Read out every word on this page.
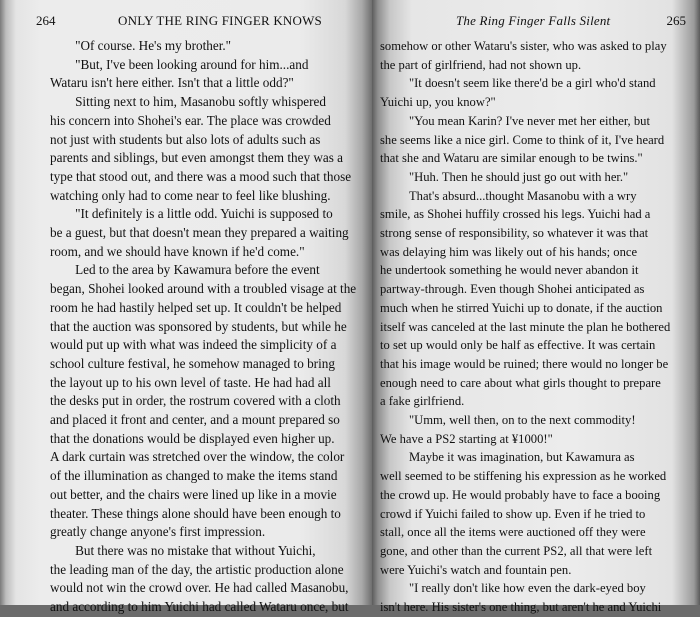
264	ONLY THE RING FINGER KNOWS

"Of course. He's my brother."

"But, I've been looking around for him...and

Wataru isn't here either. Isn't that a little odd?"

Sitting next to him, Masanobu softly whispered

his concern into Shohei's ear. The place was crowded

not just with students but also lots of adults such as

parents and siblings, but even amongst them they was a

type that stood out, and there was a mood such that those

watching only had to come near to feel like blushing.

"It definitely is a little odd. Yuichi is supposed to

be a guest, but that doesn't mean they prepared a waiting

room, and we should have known if he'd come."

Led to the area by Kawamura before the event

began, Shohei looked around with a troubled visage at the

room he had hastily helped set up. It couldn't be helped

that the auction was sponsored by students, but while he

would put up with what was indeed the simplicity of a

school culture festival, he somehow managed to bring

the layout up to his own level of taste. He had had all

the desks put in order, the rostrum covered with a cloth

and placed it front and center, and a mount prepared so

that the donations would be displayed even higher up.

A dark curtain was stretched over the window, the color

of the illumination as changed to make the items stand

out better, and the chairs were lined up like in a movie

theater. These things alone should have been enough to

greatly change anyone's first impression.

But there was no mistake that without Yuichi,

the leading man of the day, the artistic production alone

would not win the crowd over. He had called Masanobu,

and according to him Yuichi had called Wataru once, but

The Ring Finger Falls Silent	265

somehow or other Wataru's sister, who was asked to play

the part of girlfriend, had not shown up.

"It doesn't seem like there'd be a girl who'd stand

Yuichi up, you know?"

"You mean Karin? I've never met her either, but

she seems like a nice girl. Come to think of it, I've heard

that she and Wataru are similar enough to be twins."

"Huh. Then he should just go out with her."

That's absurd...thought Masanobu with a wry

smile, as Shohei huffily crossed his legs. Yuichi had a

strong sense of responsibility, so whatever it was that

was delaying him was likely out of his hands; once

he undertook something he would never abandon it

partway-through. Even though Shohei anticipated as

much when he stirred Yuichi up to donate, if the auction

itself was canceled at the last minute the plan he bothered

to set up would only be half as effective. It was certain

that his image would be ruined; there would no longer be

enough need to care about what girls thought to prepare

a fake girlfriend.

"Umm, well then, on to the next commodity!

We have a PS2 starting at ¥1000!"

Maybe it was imagination, but Kawamura as

well seemed to be stiffening his expression as he worked

the crowd up. He would probably have to face a booing

crowd if Yuichi failed to show up. Even if he tried to

stall, once all the items were auctioned off they were

gone, and other than the current PS2, all that were left

were Yuichi's watch and fountain pen.

"I really don't like how even the dark-eyed boy

isn't here. His sister's one thing, but aren't he and Yuichi
